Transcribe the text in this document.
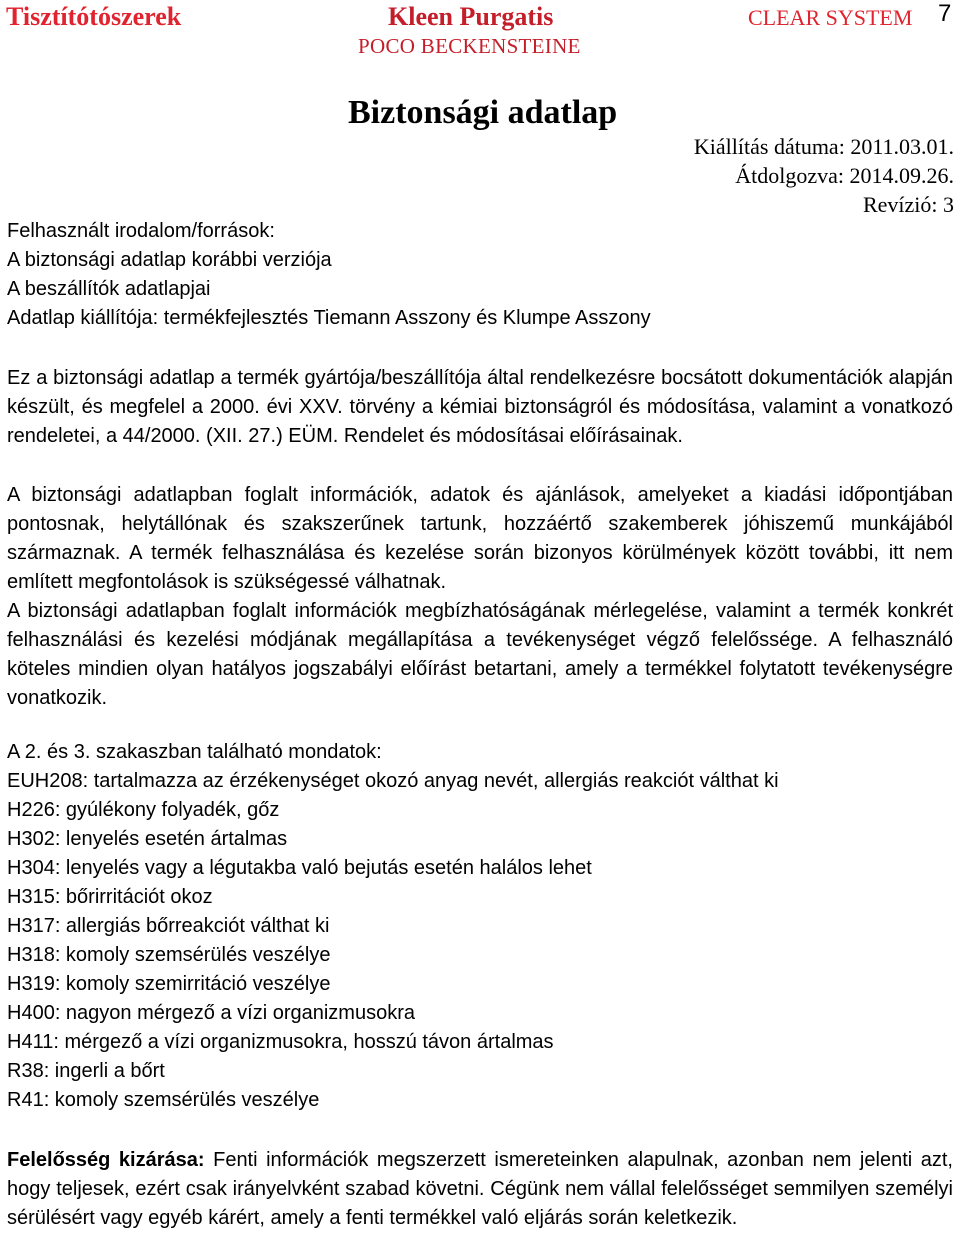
Tisztítótószerek	Kleen Purgatis
POCO BECKENSTEINE
CLEAR SYSTEM 7
Biztonsági adatlap
Kiállítás dátuma: 2011.03.01.
Átdolgozva: 2014.09.26.
Revízió: 3
Felhasznált irodalom/források:
A biztonsági adatlap korábbi verziója
A beszállítók adatlapjai
Adatlap kiállítója: termékfejlesztés Tiemann Asszony és Klumpe Asszony
Ez a biztonsági adatlap a termék gyártója/beszállítója által rendelkezésre bocsátott dokumentációk alapján készült, és megfelel a 2000. évi XXV. törvény a kémiai biztonságról és módosítása, valamint a vonatkozó rendeletei, a 44/2000. (XII. 27.) EÜM. Rendelet és módosításai előírásainak.
A biztonsági adatlapban foglalt információk, adatok és ajánlások, amelyeket a kiadási időpontjában pontosnak, helytállónak és szakszerűnek tartunk, hozzáértő szakemberek jóhiszemű munkájából származnak. A termék felhasználása és kezelése során bizonyos körülmények között további, itt nem említett megfontolások is szükségessé válhatnak.
A biztonsági adatlapban foglalt információk megbízhatóságának mérlegelése, valamint a termék konkrét felhasználási és kezelési módjának megállapítása a tevékenységet végző felelőssége. A felhasználó köteles mindien olyan hatályos jogszabályi előírást betartani, amely a termékkel folytatott tevékenységre vonatkozik.
A 2. és 3. szakaszban található mondatok:
EUH208: tartalmazza az érzékenységet okozó anyag nevét, allergiás reakciót válthat ki
H226: gyúlékony folyadék, gőz
H302: lenyelés esetén ártalmas
H304: lenyelés vagy a légutakba való bejutás esetén halálos lehet
H315: bőrirritációt okoz
H317: allergiás bőrreakciót válthat ki
H318: komoly szemsérülés veszélye
H319: komoly szemirritáció veszélye
H400: nagyon mérgező a vízi organizmusokra
H411: mérgező a vízi organizmusokra, hosszú távon ártalmas
R38: ingerli a bőrt
R41: komoly szemsérülés veszélye
Felelősség kizárása: Fenti információk megszerzett ismereteinken alapulnak, azonban nem jelenti azt, hogy teljesek, ezért csak irányelvként szabad követni. Cégünk nem vállal felelősséget semmilyen személyi sérülésért vagy egyéb kárért, amely a fenti termékkel való eljárás során keletkezik.
